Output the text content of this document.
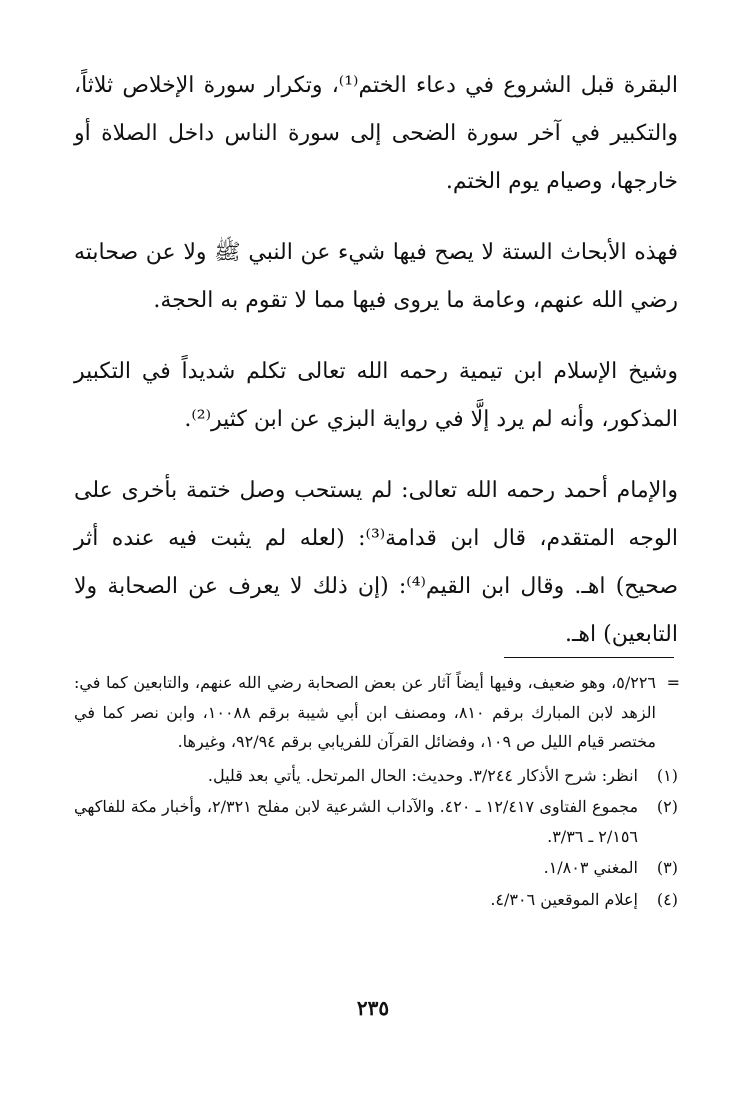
البقرة قبل الشروع في دعاء الختم⁽¹⁾، وتكرار سورة الإخلاص ثلاثاً، والتكبير في آخر سورة الضحى إلى سورة الناس داخل الصلاة أو خارجها، وصيام يوم الختم.

فهذه الأبحاث الستة لا يصح فيها شيء عن النبي ﷺ ولا عن صحابته رضي الله عنهم، وعامة ما يروى فيها مما لا تقوم به الحجة.

وشيخ الإسلام ابن تيمية رحمه الله تعالى تكلم شديداً في التكبير المذكور، وأنه لم يرد إلَّا في رواية البزي عن ابن كثير⁽²⁾.

والإمام أحمد رحمه الله تعالى: لم يستحب وصل ختمة بأخرى على الوجه المتقدم، قال ابن قدامة⁽³⁾: (لعله لم يثبت فيه عنده أثر صحيح) اهـ. وقال ابن القيم⁽⁴⁾: (إن ذلك لا يعرف عن الصحابة ولا التابعين) اهـ.

=
٥/٢٢٦، وهو ضعيف، وفيها أيضاً آثار عن بعض الصحابة رضي الله عنهم، والتابعين كما في: الزهد لابن المبارك برقم ٨١٠، ومصنف ابن أبي شيبة برقم ١٠٠٨٨، وابن نصر كما في مختصر قيام الليل ص ١٠٩، وفضائل القرآن للفريابي برقم ٩٢/٩٤، وغيرها.
(١)
انظر: شرح الأذكار ٣/٢٤٤. وحديث: الحال المرتحل. يأتي بعد قليل.
(٢)
مجموع الفتاوى ١٢/٤١٧ ـ ٤٢٠. والآداب الشرعية لابن مفلح ٢/٣٢١، وأخبار مكة للفاكهي ٢/١٥٦ ـ ٣/٣٦.
(٣)
المغني ١/٨٠٣.
(٤)
إعلام الموقعين ٤/٣٠٦.
٢٣٥
